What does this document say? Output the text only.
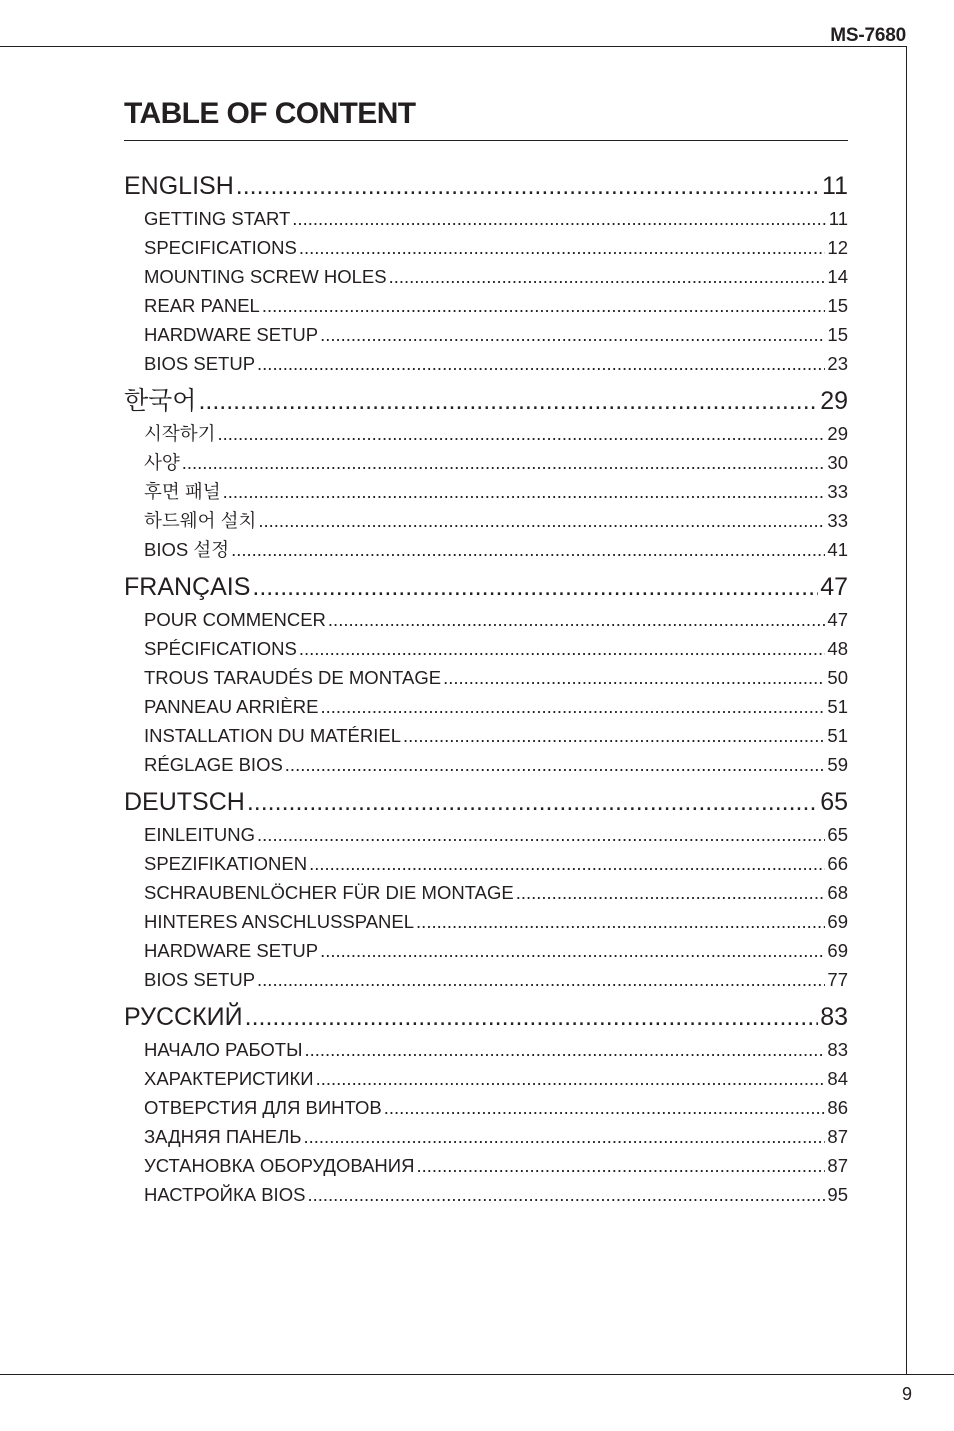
MS-7680
TABLE OF CONTENT
ENGLISH .....	11
GETTING START .....	11
SPECIFICATIONS .....	12
MOUNTING SCREW HOLES .....	14
REAR PANEL .....	15
HARDWARE SETUP .....	15
BIOS SETUP .....	23
한국어 .....	29
시작하기 .....	29
사양 .....	30
후면 패널 .....	33
하드웨어 설치 .....	33
BIOS 설정 .....	41
FRANÇAIS .....	47
POUR COMMENCER .....	47
SPÉCIFICATIONS .....	48
TROUS TARAUDÉS DE MONTAGE .....	50
PANNEAU ARRIÈRE .....	51
INSTALLATION DU MATÉRIEL .....	51
RÉGLAGE BIOS .....	59
DEUTSCH .....	65
EINLEITUNG .....	65
SPEZIFIKATIONEN .....	66
SCHRAUBENLÖCHER FÜR DIE MONTAGE .....	68
HINTERES ANSCHLUSSPANEL .....	69
HARDWARE SETUP .....	69
BIOS SETUP .....	77
РУССКИЙ .....	83
НАЧАЛО РАБОТЫ .....	83
ХАРАКТЕРИСТИКИ .....	84
ОТВЕРСТИЯ ДЛЯ ВИНТОВ .....	86
ЗАДНЯЯ ПАНЕЛЬ .....	87
УСТАНОВКА ОБОРУДОВАНИЯ .....	87
НАСТРОЙКА BIOS .....	95
9
